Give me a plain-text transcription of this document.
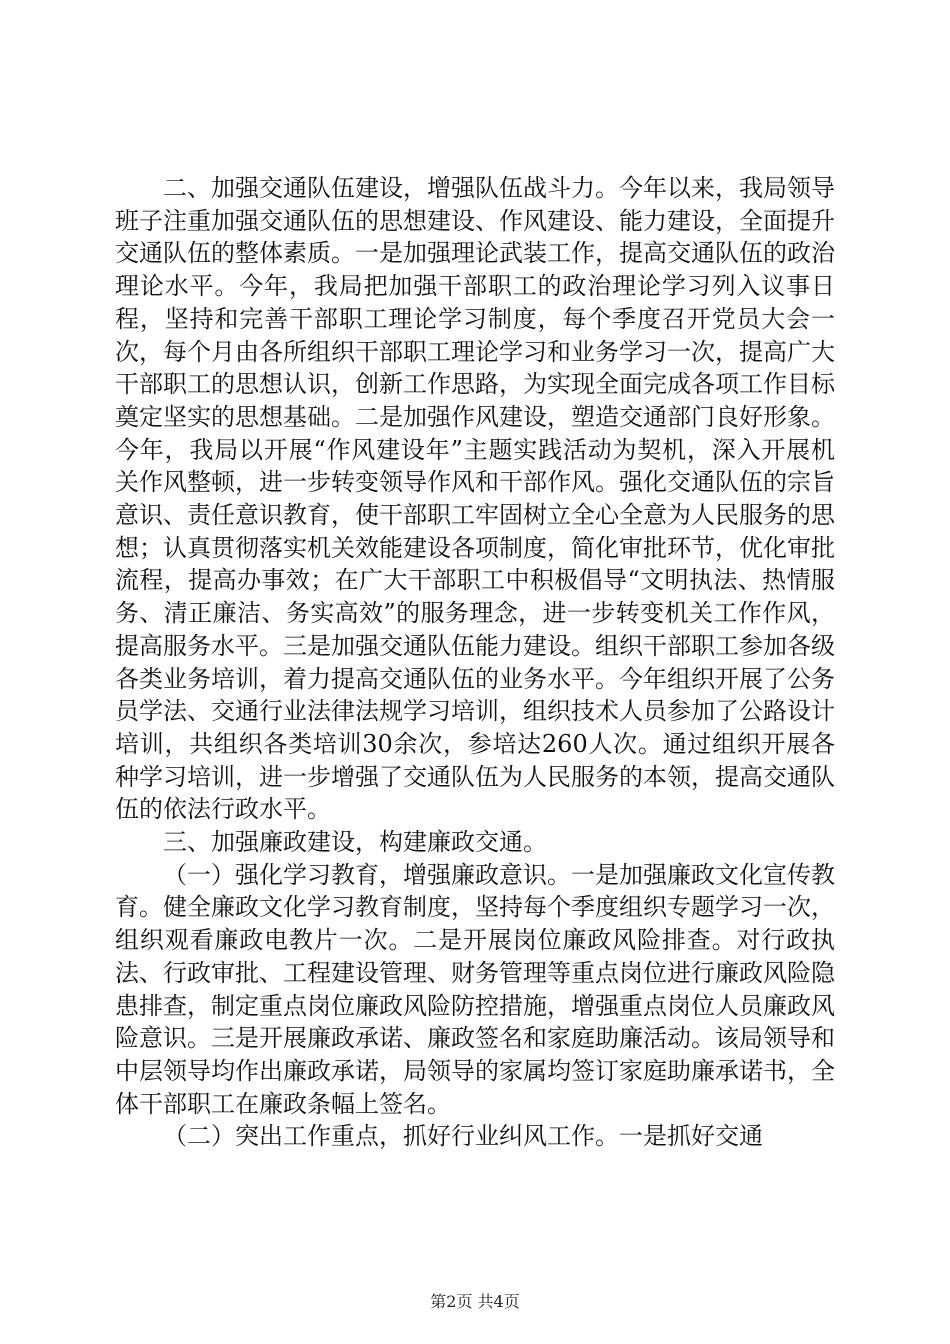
二、加强交通队伍建设，增强队伍战斗力。今年以来，我局领导班子注重加强交通队伍的思想建设、作风建设、能力建设，全面提升交通队伍的整体素质。一是加强理论武装工作，提高交通队伍的政治理论水平。今年，我局把加强干部职工的政治理论学习列入议事日程，坚持和完善干部职工理论学习制度，每个季度召开党员大会一次，每个月由各所组织干部职工理论学习和业务学习一次，提高广大干部职工的思想认识，创新工作思路，为实现全面完成各项工作目标奠定坚实的思想基础。二是加强作风建设，塑造交通部门良好形象。今年，我局以开展“作风建设年”主题实践活动为契机，深入开展机关作风整顿，进一步转变领导作风和干部作风。强化交通队伍的宗旨意识、责任意识教育，使干部职工牢固树立全心全意为人民服务的思想；认真贯彻落实机关效能建设各项制度，简化审批环节，优化审批流程，提高办事效；在广大干部职工中积极倡导“文明执法、热情服务、清正廉洁、务实高效”的服务理念，进一步转变机关工作作风，提高服务水平。三是加强交通队伍能力建设。组织干部职工参加各级各类业务培训，着力提高交通队伍的业务水平。今年组织开展了公务员学法、交通行业法律法规学习培训，组织技术人员参加了公路设计培训，共组织各类培训30余次，参培达260人次。通过组织开展各种学习培训，进一步增强了交通队伍为人民服务的本领，提高交通队伍的依法行政水平。

三、加强廉政建设，构建廉政交通。

（一）强化学习教育，增强廉政意识。一是加强廉政文化宣传教育。健全廉政文化学习教育制度，坚持每个季度组织专题学习一次，组织观看廉政电教片一次。二是开展岗位廉政风险排查。对行政执法、行政审批、工程建设管理、财务管理等重点岗位进行廉政风险隐患排查，制定重点岗位廉政风险防控措施，增强重点岗位人员廉政风险意识。三是开展廉政承诺、廉政签名和家庭助廉活动。该局领导和中层领导均作出廉政承诺，局领导的家属均签订家庭助廉承诺书，全体干部职工在廉政条幅上签名。

（二）突出工作重点，抓好行业纠风工作。一是抓好交通

第2页 共4页
